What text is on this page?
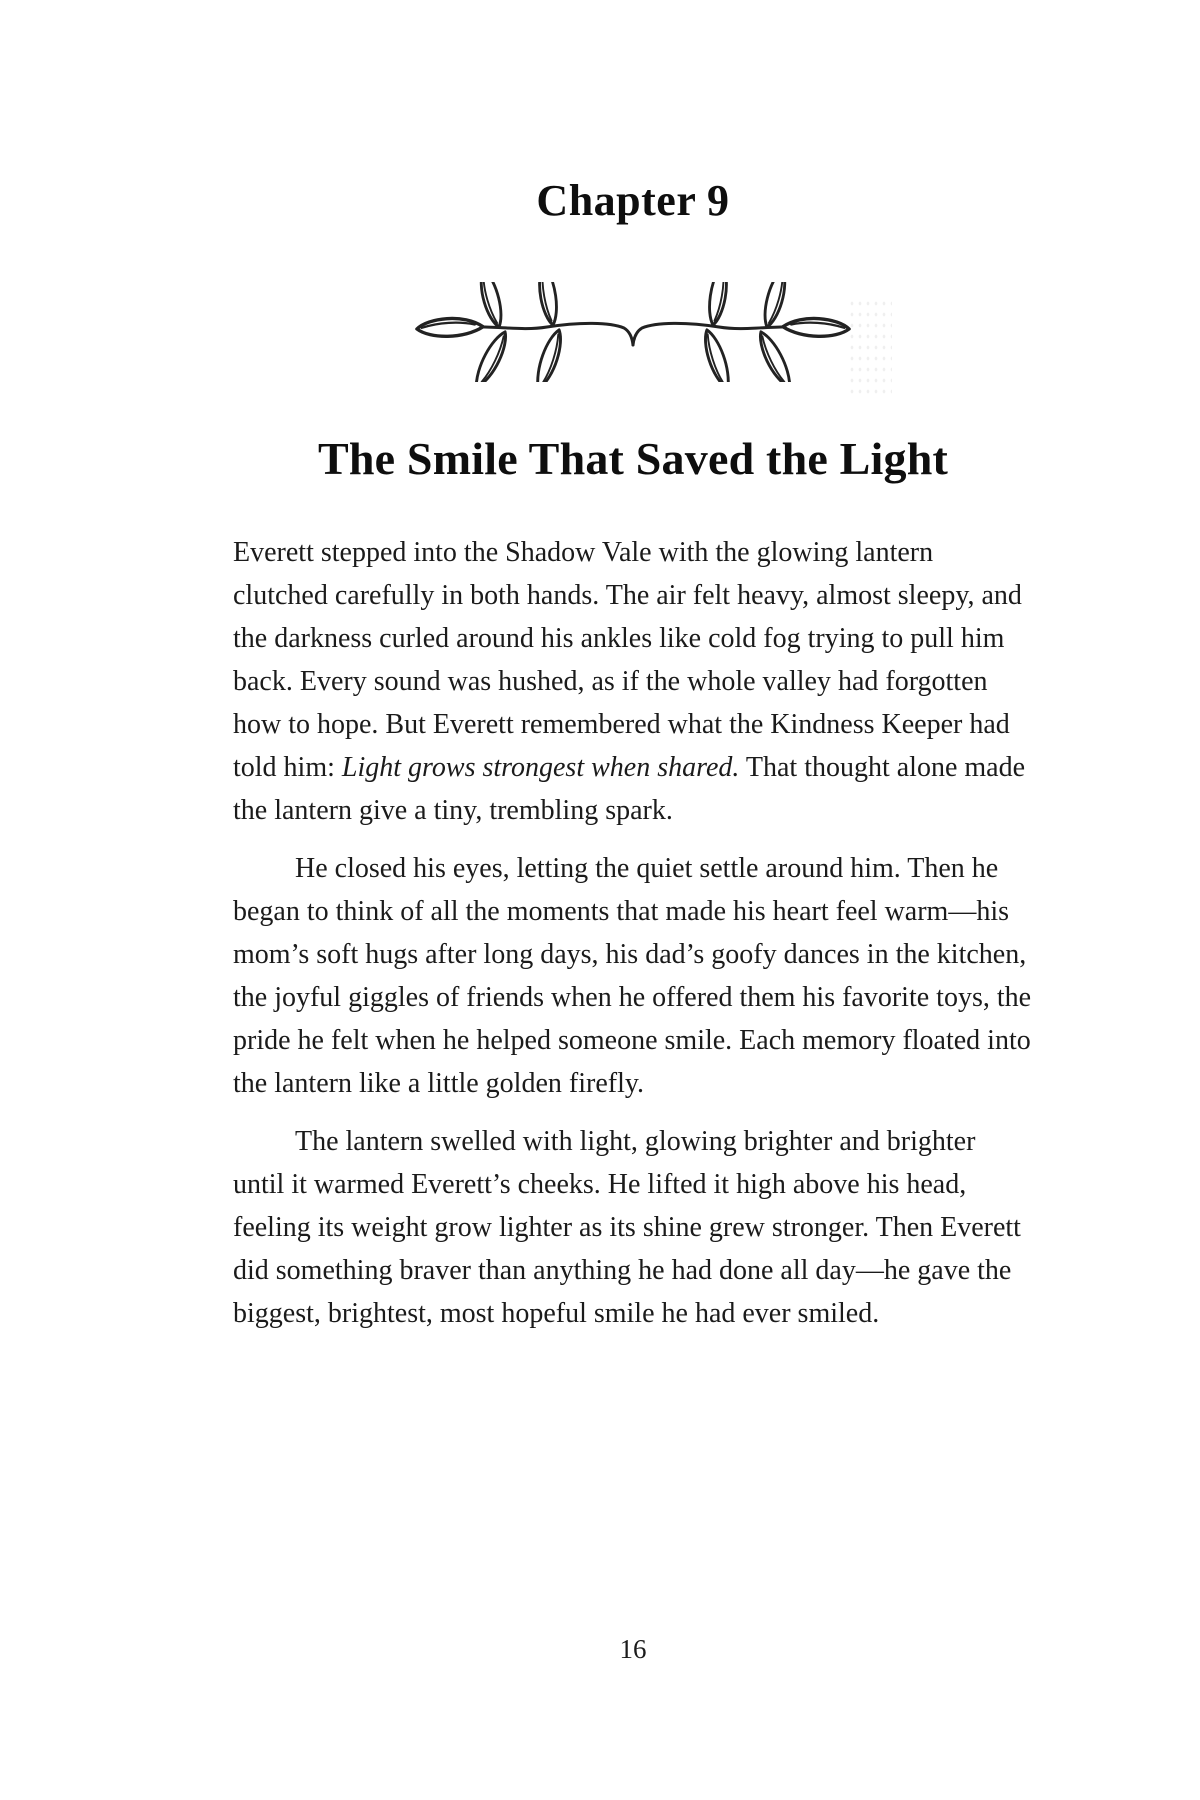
Chapter 9
The Smile That Saved the Light

Everett stepped into the Shadow Vale with the glowing lantern clutched carefully in both hands. The air felt heavy, almost sleepy, and the darkness curled around his ankles like cold fog trying to pull him back. Every sound was hushed, as if the whole valley had forgotten how to hope. But Everett remembered what the Kindness Keeper had told him: Light grows strongest when shared. That thought alone made the lantern give a tiny, trembling spark.

He closed his eyes, letting the quiet settle around him. Then he began to think of all the moments that made his heart feel warm—his mom’s soft hugs after long days, his dad’s goofy dances in the kitchen, the joyful giggles of friends when he offered them his favorite toys, the pride he felt when he helped someone smile. Each memory floated into the lantern like a little golden firefly.

The lantern swelled with light, glowing brighter and brighter until it warmed Everett’s cheeks. He lifted it high above his head, feeling its weight grow lighter as its shine grew stronger. Then Everett did something braver than anything he had done all day—he gave the biggest, brightest, most hopeful smile he had ever smiled.

16
